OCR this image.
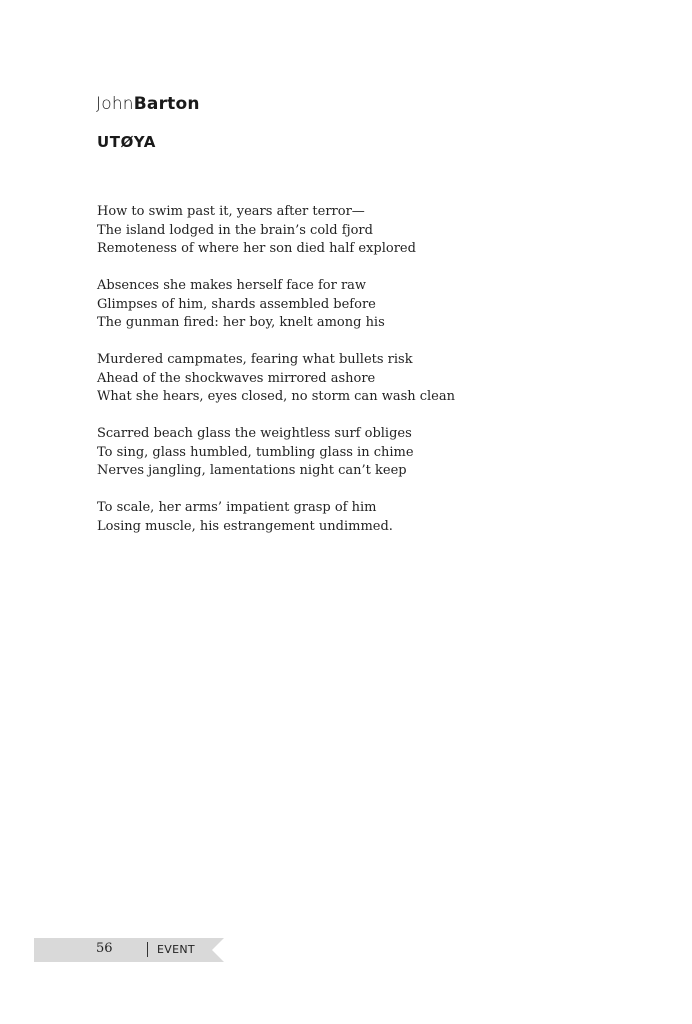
JohnBarton
UTØYA
How to swim past it, years after terror—
The island lodged in the brain’s cold fjord
Remoteness of where her son died half explored
Absences she makes herself face for raw
Glimpses of him, shards assembled before
The gunman fired: her boy, knelt among his
Murdered campmates, fearing what bullets risk
Ahead of the shockwaves mirrored ashore
What she hears, eyes closed, no storm can wash clean
Scarred beach glass the weightless surf obliges
To sing, glass humbled, tumbling glass in chime
Nerves jangling, lamentations night can’t keep
To scale, her arms’ impatient grasp of him
Losing muscle, his estrangement undimmed.
56	EVENT
